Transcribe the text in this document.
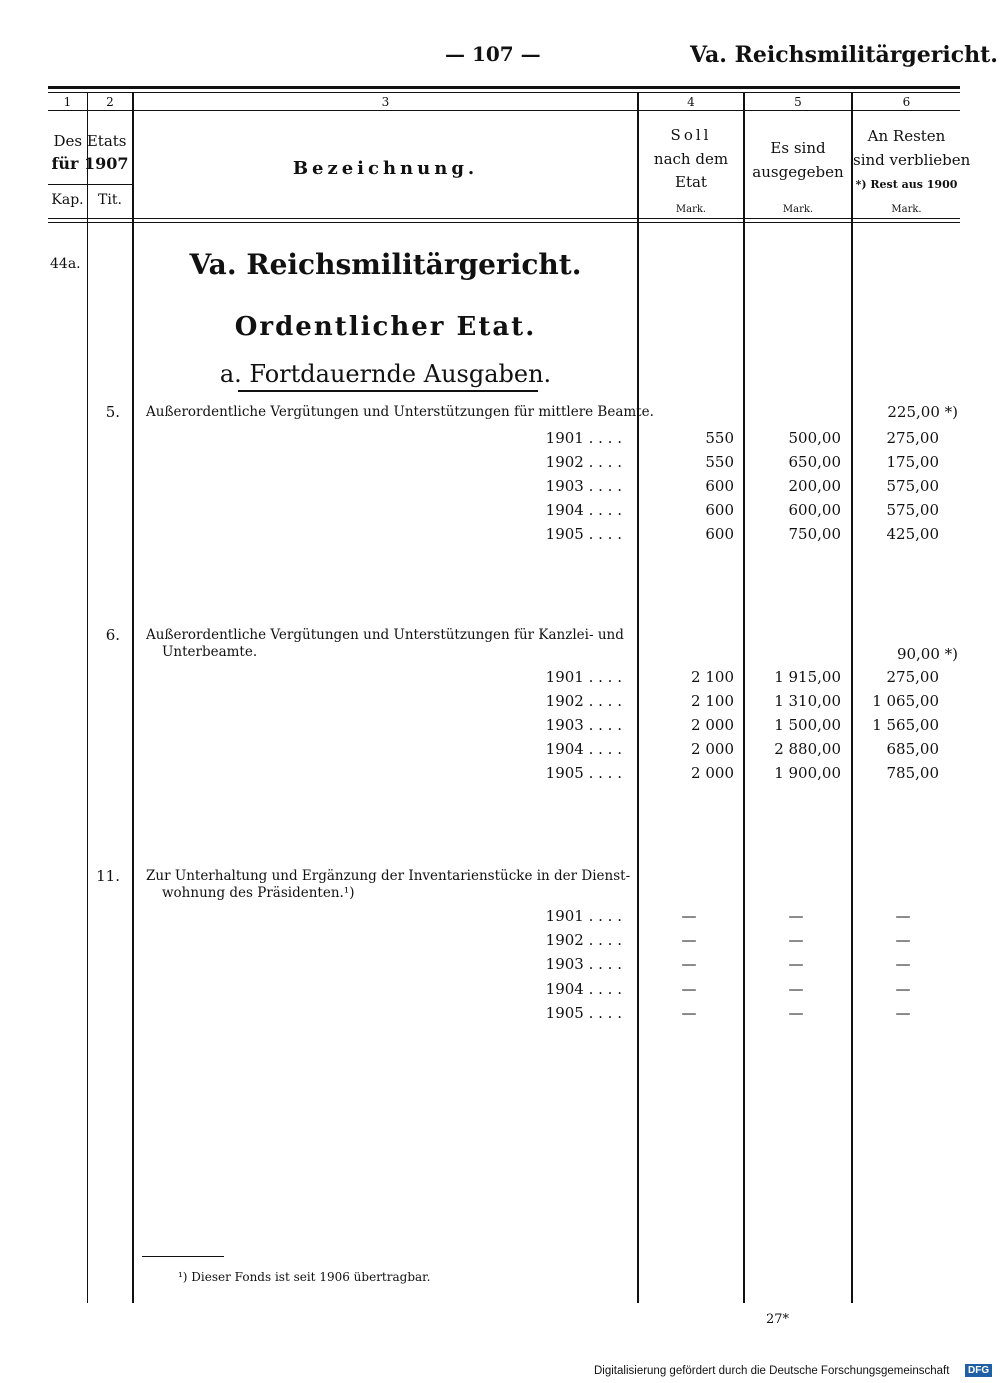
— 107 —	Va. Reichsmilitärgericht.
1	2	3	4	5	6
Des Etats
für 1907
Kap.	Tit.
Bezeichnung.
Soll
nach dem
Etat
Mark.
Es sind
ausgegeben
Mark.
An Resten
sind verblieben
*) Rest aus 1900
Mark.
44a.	Va. Reichsmilitärgericht.
Ordentlicher Etat.
a. Fortdauernde Ausgaben.
5. Außerordentliche Vergütungen und Unterstützungen für mittlere Beamte.	225,00 *)
1901 . . . .	550	500,00	275,00
1902 . . . .	550	650,00	175,00
1903 . . . .	600	200,00	575,00
1904 . . . .	600	600,00	575,00
1905 . . . .	600	750,00	425,00
6. Außerordentliche Vergütungen und Unterstützungen für Kanzlei- und
Unterbeamte.	90,00 *)
1901 . . . .	2 100	1 915,00	275,00
1902 . . . .	2 100	1 310,00	1 065,00
1903 . . . .	2 000	1 500,00	1 565,00
1904 . . . .	2 000	2 880,00	685,00
1905 . . . .	2 000	1 900,00	785,00
11. Zur Unterhaltung und Ergänzung der Inventarienstücke in der Dienst-
wohnung des Präsidenten.¹)
1901 . . . .	—	—	—
1902 . . . .	—	—	—
1903 . . . .	—	—	—
1904 . . . .	—	—	—
1905 . . . .	—	—	—
¹) Dieser Fonds ist seit 1906 übertragbar.
27*
Digitalisierung gefördert durch die Deutsche Forschungsgemeinschaft	DFG
